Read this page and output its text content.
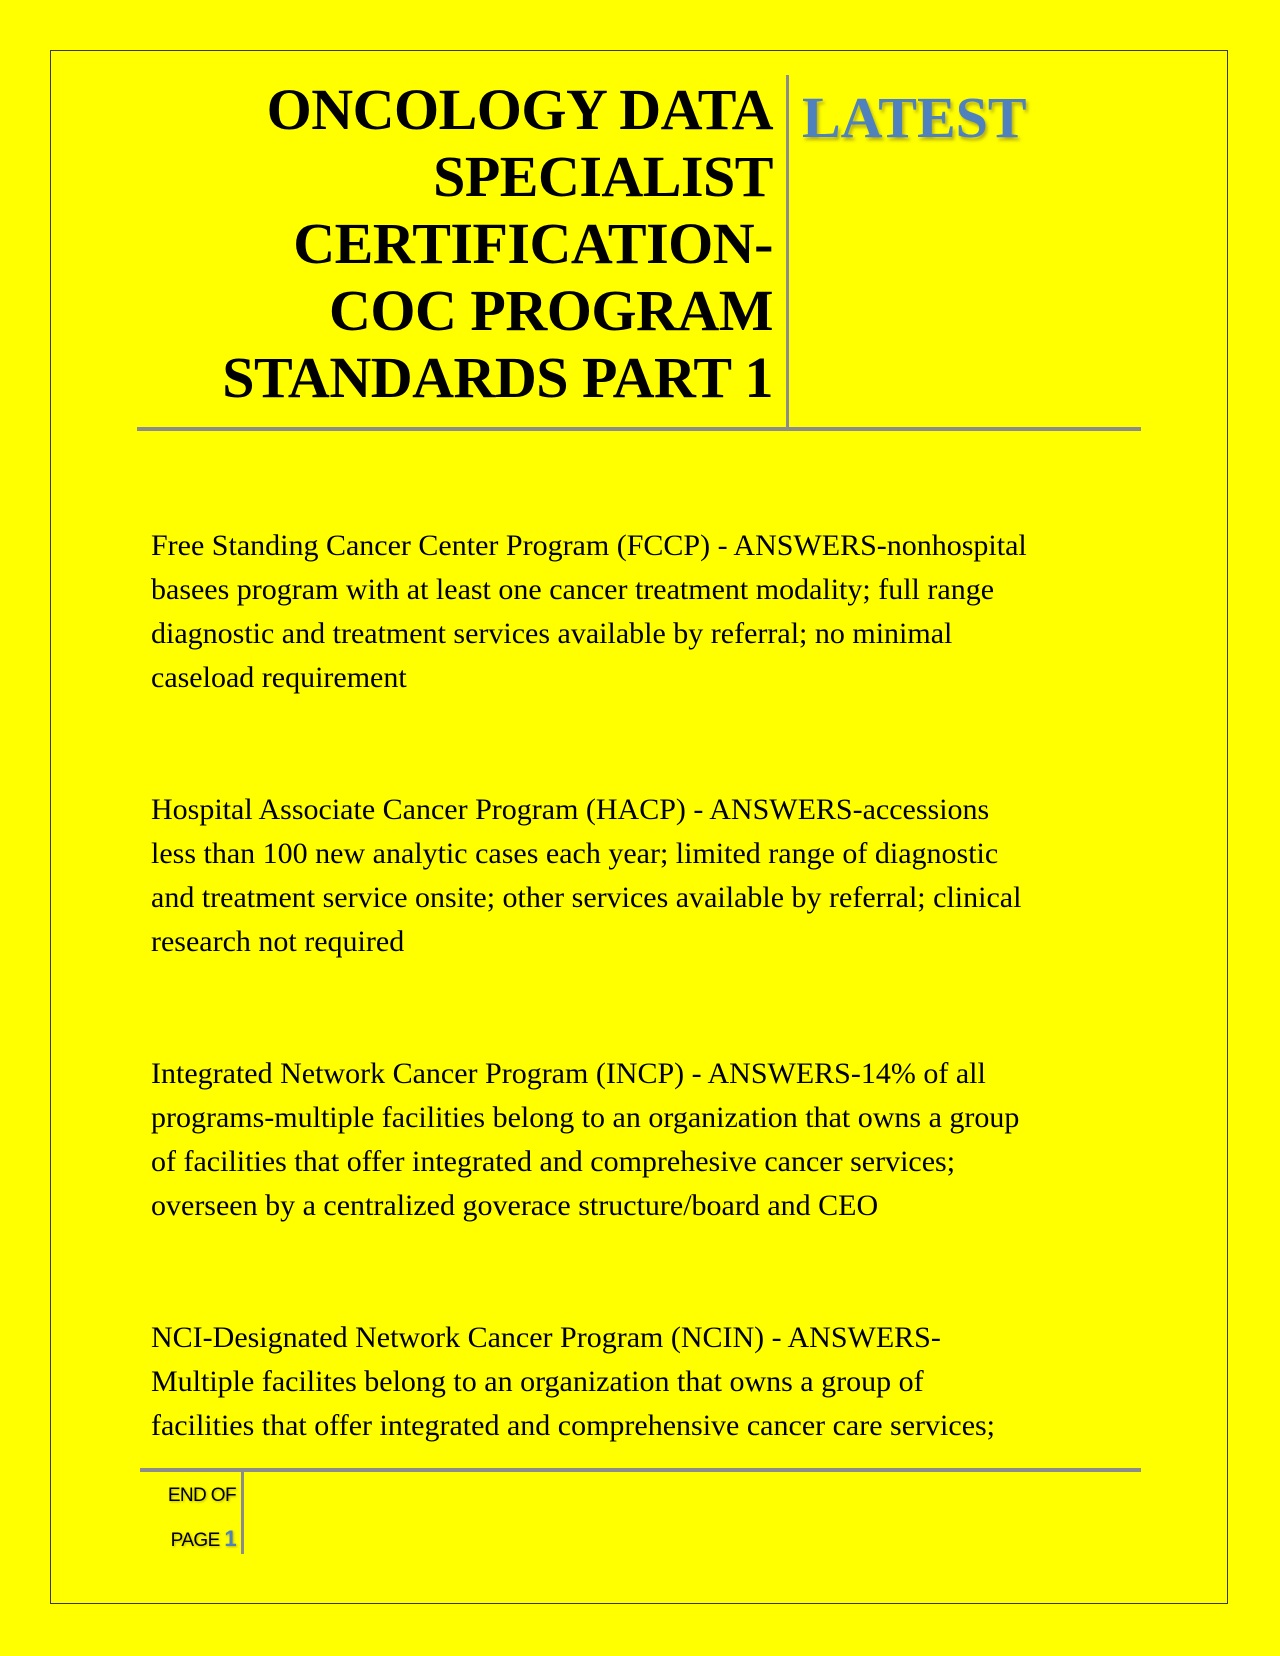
ONCOLOGY DATA
SPECIALIST
CERTIFICATION-
COC PROGRAM
STANDARDS PART 1
LATEST

Free Standing Cancer Center Program (FCCP) - ANSWERS-nonhospital
basees program with at least one cancer treatment modality; full range
diagnostic and treatment services available by referral; no minimal
caseload requirement

Hospital Associate Cancer Program (HACP) - ANSWERS-accessions
less than 100 new analytic cases each year; limited range of diagnostic
and treatment service onsite; other services available by referral; clinical
research not required

Integrated Network Cancer Program (INCP) - ANSWERS-14% of all
programs-multiple facilities belong to an organization that owns a group
of facilities that offer integrated and comprehesive cancer services;
overseen by a centralized goverace structure/board and CEO

NCI-Designated Network Cancer Program (NCIN) - ANSWERS-
Multiple facilites belong to an organization that owns a group of
facilities that offer integrated and comprehensive cancer care services;

END OF
PAGE 1
